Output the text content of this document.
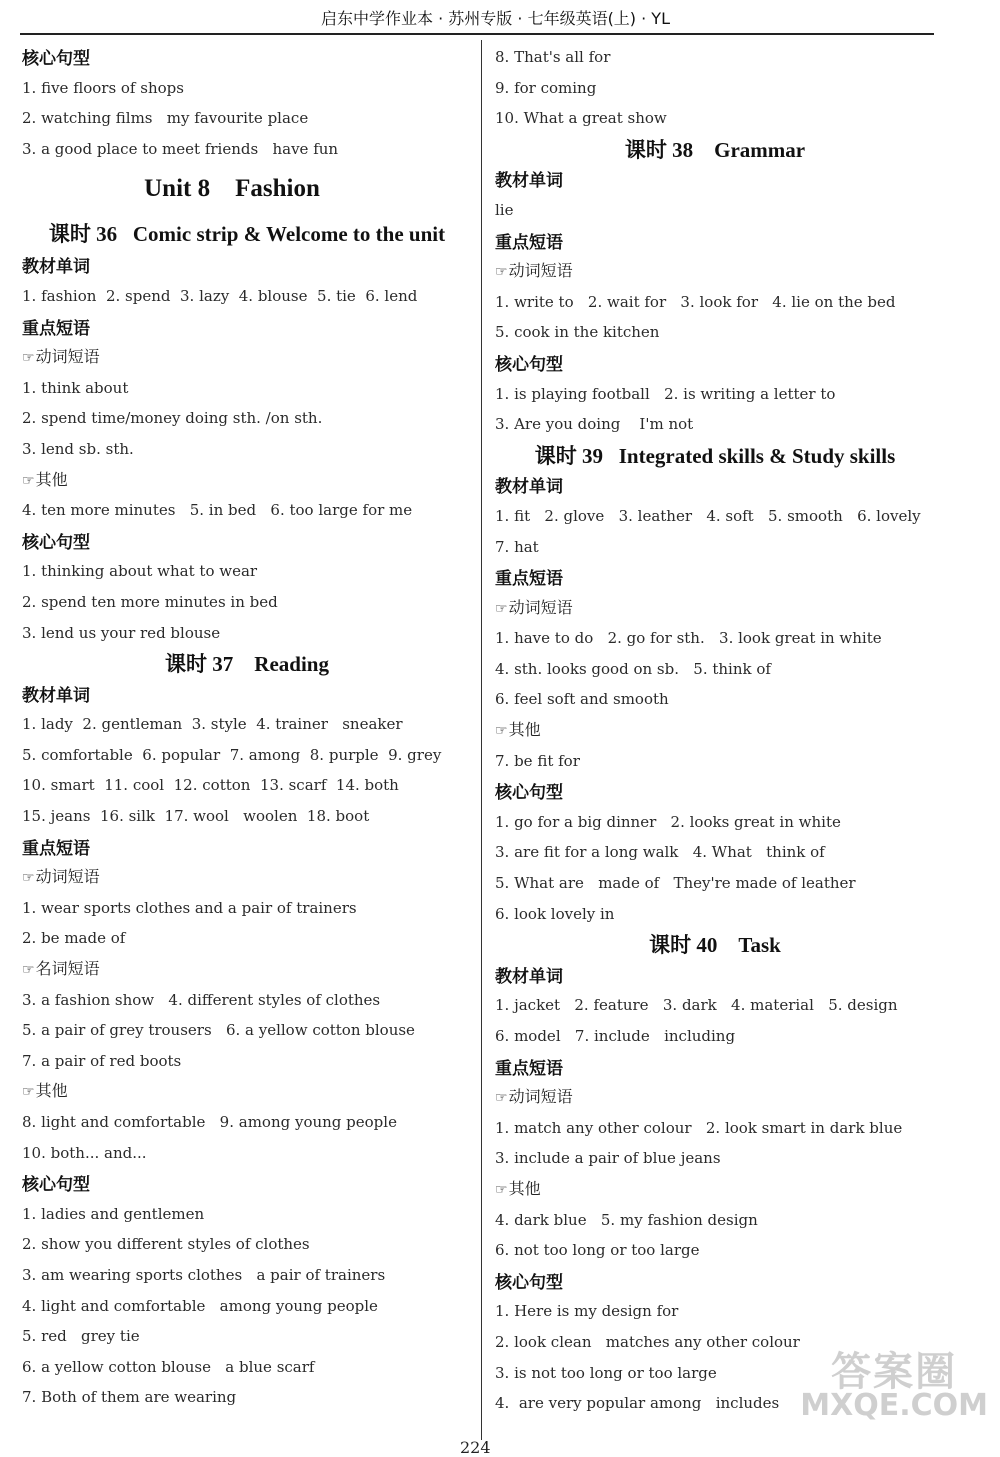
启东中学作业本 · 苏州专版 · 七年级英语(上) · YL
核心句型
1. five floors of shops
2. watching films   my favourite place
3. a good place to meet friends   have fun
Unit 8    Fashion
课时 36   Comic strip & Welcome to the unit
教材单词
1. fashion  2. spend  3. lazy  4. blouse  5. tie  6. lend
重点短语
☞动词短语
1. think about
2. spend time/money doing sth. /on sth.
3. lend sb. sth.
☞其他
4. ten more minutes   5. in bed   6. too large for me
核心句型
1. thinking about what to wear
2. spend ten more minutes in bed
3. lend us your red blouse
课时 37    Reading
教材单词
1. lady  2. gentleman  3. style  4. trainer   sneaker
5. comfortable  6. popular  7. among  8. purple  9. grey
10. smart  11. cool  12. cotton  13. scarf  14. both
15. jeans  16. silk  17. wool   woolen  18. boot
重点短语
☞动词短语
1. wear sports clothes and a pair of trainers
2. be made of
☞名词短语
3. a fashion show   4. different styles of clothes
5. a pair of grey trousers   6. a yellow cotton blouse
7. a pair of red boots
☞其他
8. light and comfortable   9. among young people
10. both... and...
核心句型
1. ladies and gentlemen
2. show you different styles of clothes
3. am wearing sports clothes   a pair of trainers
4. light and comfortable   among young people
5. red   grey tie
6. a yellow cotton blouse   a blue scarf
7. Both of them are wearing
8. That's all for
9. for coming
10. What a great show
课时 38    Grammar
教材单词
lie
重点短语
☞动词短语
1. write to   2. wait for   3. look for   4. lie on the bed
5. cook in the kitchen
核心句型
1. is playing football   2. is writing a letter to
3. Are you doing    I'm not
课时 39   Integrated skills & Study skills
教材单词
1. fit   2. glove   3. leather   4. soft   5. smooth   6. lovely
7. hat
重点短语
☞动词短语
1. have to do   2. go for sth.   3. look great in white
4. sth. looks good on sb.   5. think of
6. feel soft and smooth
☞其他
7. be fit for
核心句型
1. go for a big dinner   2. looks great in white
3. are fit for a long walk   4. What   think of
5. What are   made of   They're made of leather
6. look lovely in
课时 40    Task
教材单词
1. jacket   2. feature   3. dark   4. material   5. design
6. model   7. include   including
重点短语
☞动词短语
1. match any other colour   2. look smart in dark blue
3. include a pair of blue jeans
☞其他
4. dark blue   5. my fashion design
6. not too long or too large
核心句型
1. Here is my design for
2. look clean   matches any other colour
3. is not too long or too large
4.  are very popular among   includes
答案圈
MXQE.COM
224
